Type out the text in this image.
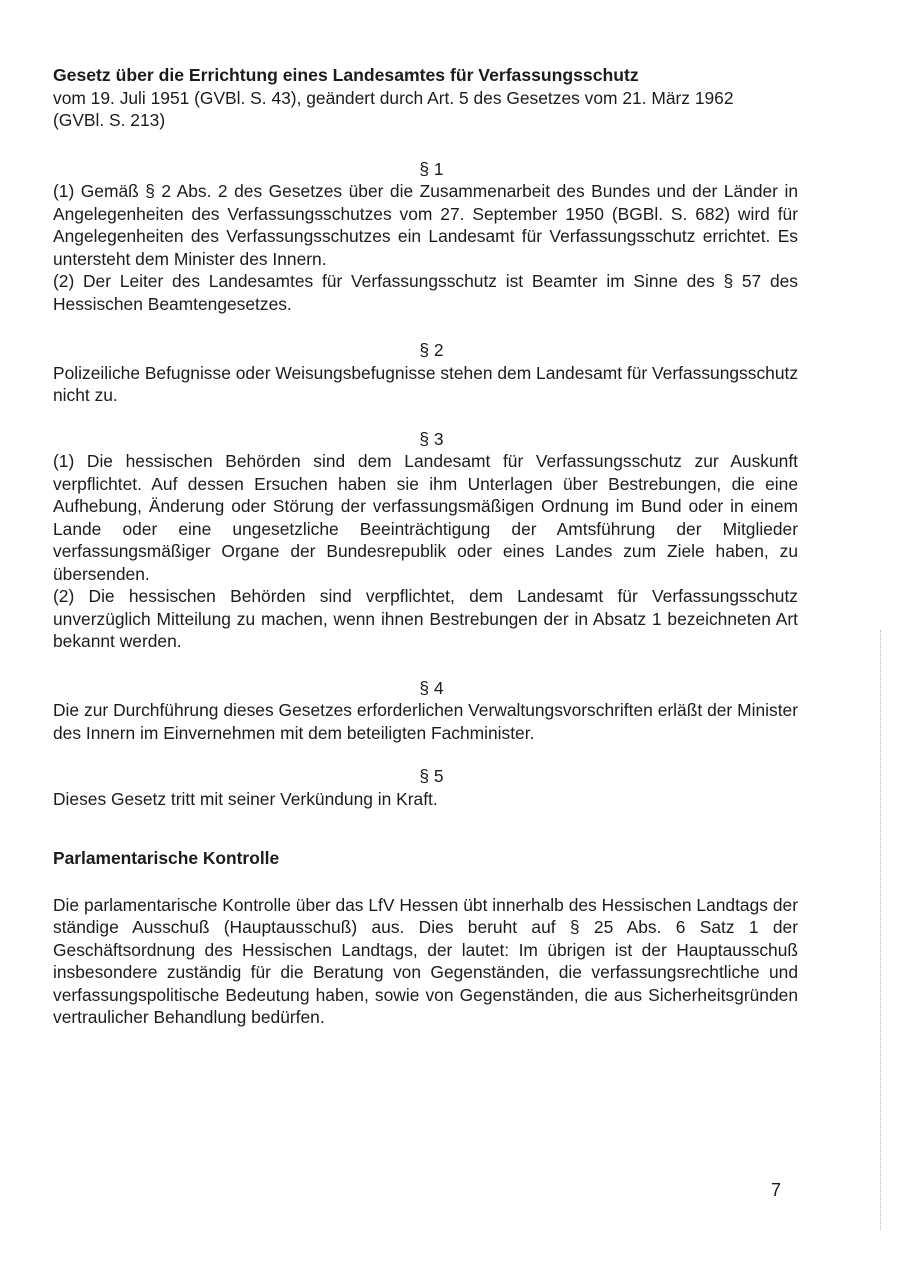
Gesetz über die Errichtung eines Landesamtes für Verfassungsschutz

vom 19. Juli 1951 (GVBl. S. 43), geändert durch Art. 5 des Gesetzes vom 21. März 1962

(GVBl. S. 213)

§ 1

(1) Gemäß § 2 Abs. 2 des Gesetzes über die Zusammenarbeit des Bundes und der Länder in Angelegenheiten des Verfassungsschutzes vom 27. September 1950 (BGBl. S. 682) wird für Angelegenheiten des Verfassungsschutzes ein Landesamt für Verfassungsschutz errichtet. Es untersteht dem Minister des Innern.

(2) Der Leiter des Landesamtes für Verfassungsschutz ist Beamter im Sinne des § 57 des Hessischen Beamtengesetzes.

§ 2

Polizeiliche Befugnisse oder Weisungsbefugnisse stehen dem Landesamt für Verfassungsschutz nicht zu.

§ 3

(1) Die hessischen Behörden sind dem Landesamt für Verfassungsschutz zur Auskunft verpflichtet. Auf dessen Ersuchen haben sie ihm Unterlagen über Bestrebungen, die eine Aufhebung, Änderung oder Störung der verfassungsmäßigen Ordnung im Bund oder in einem Lande oder eine ungesetzliche Beeinträchtigung der Amtsführung der Mitglieder verfassungsmäßiger Organe der Bundesrepublik oder eines Landes zum Ziele haben, zu übersenden.

(2) Die hessischen Behörden sind verpflichtet, dem Landesamt für Verfassungsschutz unverzüglich Mitteilung zu machen, wenn ihnen Bestrebungen der in Absatz 1 bezeichneten Art bekannt werden.

§ 4

Die zur Durchführung dieses Gesetzes erforderlichen Verwaltungsvorschriften erläßt der Minister des Innern im Einvernehmen mit dem beteiligten Fachminister.

§ 5

Dieses Gesetz tritt mit seiner Verkündung in Kraft.

Parlamentarische Kontrolle

Die parlamentarische Kontrolle über das LfV Hessen übt innerhalb des Hessischen Landtags der ständige Ausschuß (Hauptausschuß) aus. Dies beruht auf § 25 Abs. 6 Satz 1 der Geschäftsordnung des Hessischen Landtags, der lautet: Im übrigen ist der Hauptausschuß insbesondere zuständig für die Beratung von Gegenständen, die verfassungsrechtliche und verfassungspolitische Bedeutung haben, sowie von Gegenständen, die aus Sicherheitsgründen vertraulicher Behandlung bedürfen.

7
